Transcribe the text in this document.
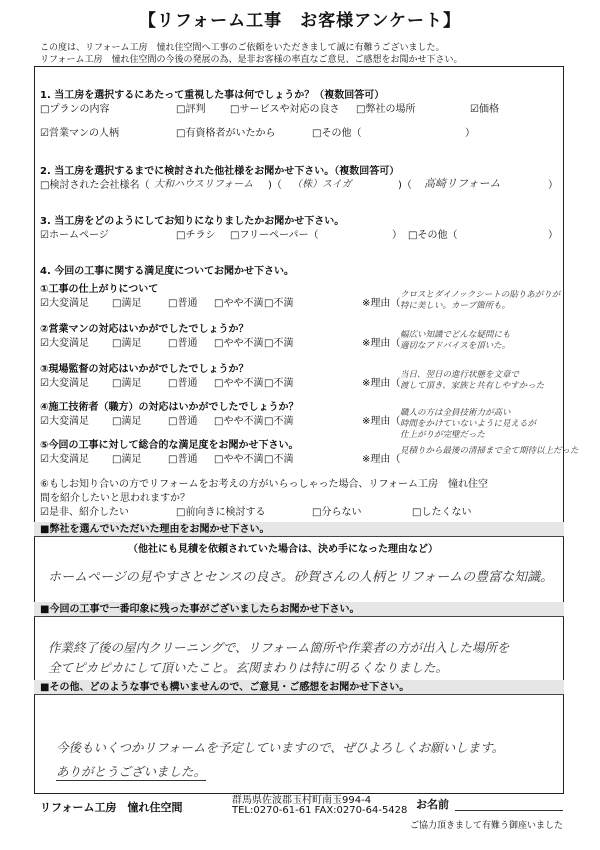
【リフォーム工事　お客様アンケート】
この度は、リフォーム工房　憧れ住空間へ工事のご依頼をいただきまして誠に有難うございました。
リフォーム工房　憧れ住空間の今後の発展の為、是非お客様の率直なご意見、ご感想をお聞かせ下さい。
1. 当工房を選択するにあたって重視した事は何でしょうか？（複数回答可）
□プランの内容	□評判 □サービスや対応の良さ □弊社の場所	☑価格
☑営業マンの人柄	□有資格者がいたから	□その他（	）
2. 当工房を選択するまでに検討された他社様をお聞かせ下さい。（複数回答可）
□検討された会社様名（ 大和ハウスリフォーム )（ （株）スイガ	)（ 高崎リフォーム	）
3. 当工房をどのようにしてお知りになりましたかお聞かせ下さい。
☑ホームページ	□チラシ □フリーペーパー（	） □その他（	）
4. 今回の工事に関する満足度についてお聞かせ下さい。
①工事の仕上がりについて
☑大変満足 □満足	□普通 □やや不満 □不満	※理由（
クロスとダイノックシートの貼りあがりが
特に美しい。カーブ箇所も。
②営業マンの対応はいかがでしたでしょうか？
☑大変満足 □満足	□普通 □やや不満 □不満	※理由（
幅広い知識でどんな疑問にも
適切なアドバイスを頂いた。
③現場監督の対応はいかがでしたでしょうか？
☑大変満足 □満足	□普通 □やや不満 □不満	※理由（
当日、翌日の進行状態を文章で
渡して頂き、家族と共有しやすかった
④施工技術者（職方）の対応はいかがでしたでしょうか？
☑大変満足 □満足	□普通 □やや不満 □不満	※理由（
職人の方は全員技術力が高い
時間をかけていないように見えるが
仕上がりが完璧だった
⑤今回の工事に対して総合的な満足度をお聞かせ下さい。
☑大変満足 □満足	□普通 □やや不満 □不満	※理由（
見積りから最後の清掃まで全て期待以上だった
⑥もしお知り合いの方でリフォームをお考えの方がいらっしゃった場合、リフォーム工房　憧れ住空
間を紹介したいと思われますか？
☑是非、紹介したい	□前向きに検討する	□分らない	□したくない
■弊社を選んでいただいた理由をお聞かせ下さい。
（他社にも見積を依頼されていた場合は、決め手になった理由など）
ホームページの見やすさとセンスの良さ。砂賀さんの人柄とリフォームの豊富な知識。
■今回の工事で一番印象に残った事がございましたらお聞かせ下さい。
作業終了後の屋内クリーニングで、リフォーム箇所や作業者の方が出入した場所を
全てピカピカにして頂いたこと。玄関まわりは特に明るくなりました。
■その他、どのような事でも構いませんので、ご意見・ご感想をお聞かせ下さい。
今後もいくつかリフォームを予定していますので、ぜひよろしくお願いします。
ありがとうございました。
リフォーム工房　憧れ住空間
群馬県佐波郡玉村町南玉994-4
TEL:0270-61-61 FAX:0270-64-5428 お名前
ご協力頂きまして有難う御座いました
